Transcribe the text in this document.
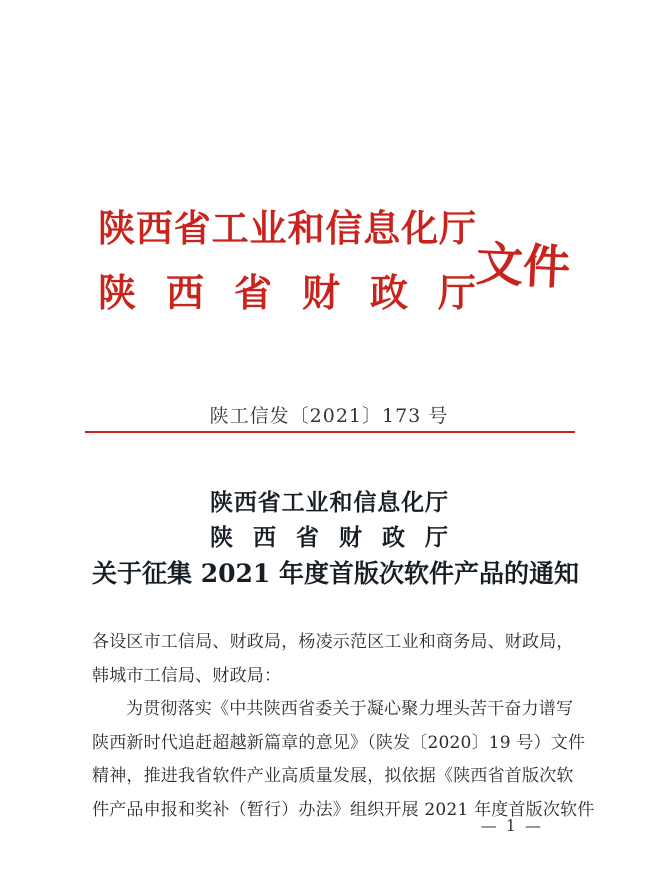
陕西省工业和信息化厅
陕西省财政厅
文件
陕工信发〔2021〕173 号
陕西省工业和信息化厅
陕西省财政厅
关于征集 2021 年度首版次软件产品的通知
各设区市工信局、财政局，杨凌示范区工业和商务局、财政局，
韩城市工信局、财政局：
为贯彻落实《中共陕西省委关于凝心聚力埋头苦干奋力谱写
陕西新时代追赶超越新篇章的意见》（陕发〔2020〕19 号）文件
精神，推进我省软件产业高质量发展，拟依据《陕西省首版次软
件产品申报和奖补（暂行）办法》组织开展 2021 年度首版次软件
— 1 —
